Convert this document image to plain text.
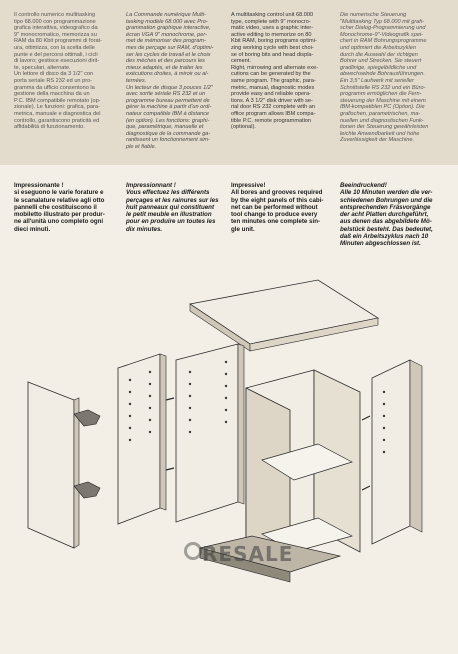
Il controllo numerico multitasking
tipo 68.000 con programmazione
grafica interattiva, videografico da
9" monocromatico, memorizza su
RAM da 80 Kbit programmi di forat-
ura, ottimizza, con la scelta delle
punte e del percorsi ottimali, i cicli
di lavoro; gestisce esecuzioni dirit-
te, speculari, alternate.
Un lettore di disco da 3 1/2" con
porta seriale RS 232 ed un pro-
gramma da ufficio consentono la
gestione della macchina da un
P.C. IBM compatibile remotato (op-
zionale). Le funzioni: grafica, para-
metrica, manuale e diagnostica del
controllo, garantiscono praticità ed
affidabilità di funzionamento.
La Commande numérique Multi-
tasking modèle 68.000 avec Pro-
grammation graphique interactive,
écran VGA 9" monochrome, per-
met de mémoriser des program-
mes de perçage sur RAM, d'optimi-
ser les cycles de travail et le choix
des mèches et des parcours les
mieux adaptés, et de traiter les
exécutions droites, à miroir ou al-
ternées.
Un lecteur de disque 3 pouces 1/2"
avec sortie sériale RS 232 et un
programme bureau permettent de
gérer la machine à partir d'un ordi-
nateur compatible IBM à distance
(en option). Les fonctions: graphi-
que, paramétrique, manuelle et
diagnostique de la commande ga-
rantissent un fonctionnement sim-
ple et fiable.
A multitasking control unit 68.000
type, complete with 9" monocro-
matic video, uses a graphic inter-
active editing to memorize on 80
Kbit RAM, boring programs optimi-
zing working cycle with best choi-
se of boring bits and head displa-
cement.
Right, mirrowing and alternate exe-
cutions can be generated by the
same program. The graphic, para-
metric, manual, diagnostic modes
provide easy and reliable opera-
tions. A 3 1/2" disk driver with se-
rial door RS 232 complete with an
office program allows IBM compa-
tible P.C. remote programmation
(optional).
Die numerische Steuerung
"Multitasking Typ 68.000 mit grafi-
scher Dialog-Programmierung und
Monochrome-9"-Videografik spei-
chert in RAM Bohrungsprogramme
und optimiert die Arbeitszyklen
durch die Auswahl der richtigen
Bohrer und Strecken. Sie steuert
gradlinige, spiegelbildliche und
abwechselnde Bohrausführungen.
Ein 3,5" Laufwerk mit serieller
Schnittstelle RS 232 und ein Büro-
programm ermöglichen die Fern-
steuerung der Maschine mit einem
IBM-kompatiblen PC (Option). Die
grafischen, parametrischen, ma-
nuellen und diagnostischen Funk-
tionen der Steuerung gewährleisten
leichte Anwendbarkeit und hohe
Zuverlässigkeit der Maschine.
Impressionante !
si eseguono le varie forature e
le scanalature relative agli otto
pannelli che costituiscono il
mobiletto illustrato per produr-
ne all'unità uno completo ogni
dieci minuti.
Impressionnant !
Vous effectuez les différents
perçages et les rainures sur les
huit panneaux qui constituent
le petit meuble en illustration
pour en produire un toutes les
dix minutes.
Impressive!
All bores and grooves required
by the eight panels of this cabi-
net can be performed without
tool change to produce every
ten minutes one complete sin-
gle unit.
Beeindruckend!
Alle 10 Minuten werden die ver-
schiedenen Bohrungen und die
entsprechenden Fräsvorgänge
der acht Platten durchgeführt,
aus denen das abgebildete Mö-
belstück besteht. Das bedeutet,
daß ein Arbeitszyklus nach 10
Minuten abgeschlossen ist.
RESALE
